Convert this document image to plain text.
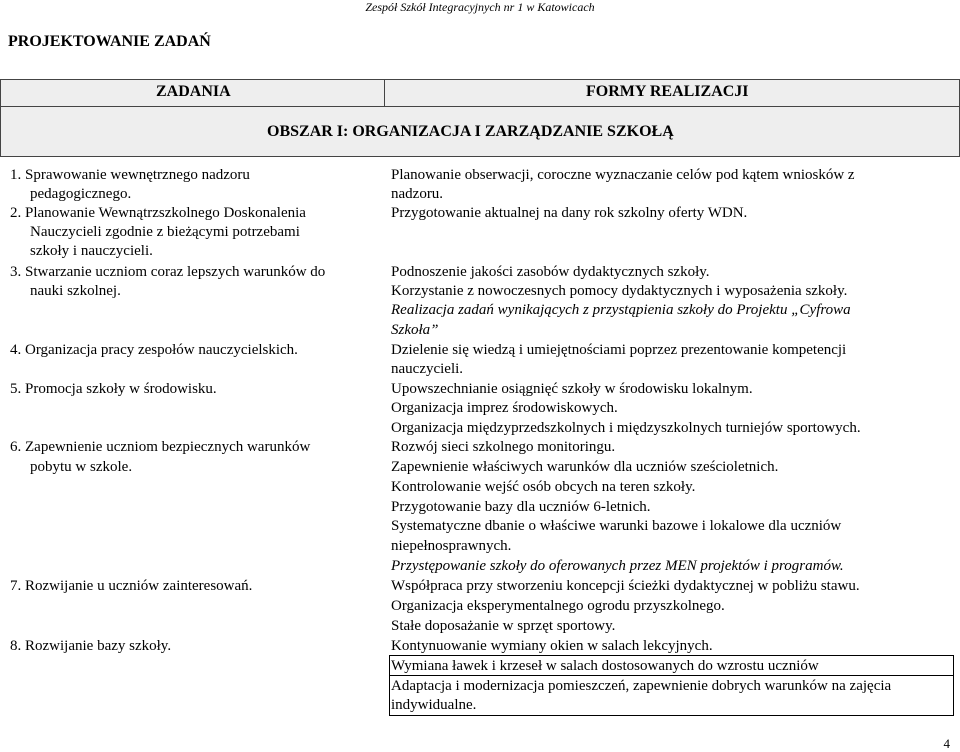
Zespół Szkół Integracyjnych nr 1 w Katowicach
PROJEKTOWANIE ZADAŃ
ZADANIA	FORMY REALIZACJI
OBSZAR I: ORGANIZACJA I ZARZĄDZANIE SZKOŁĄ
1. Sprawowanie wewnętrznego nadzoru
pedagogicznego.
2. Planowanie Wewnątrzszkolnego Doskonalenia
Nauczycieli zgodnie z bieżącymi potrzebami
szkoły i nauczycieli.
3. Stwarzanie uczniom coraz lepszych warunków do
nauki szkolnej.
4. Organizacja pracy zespołów nauczycielskich.
5. Promocja szkoły w środowisku.
6. Zapewnienie uczniom bezpiecznych warunków
pobytu w szkole.
7. Rozwijanie u uczniów zainteresowań.
8. Rozwijanie bazy szkoły.
Planowanie obserwacji, coroczne wyznaczanie celów pod kątem wniosków z
nadzoru.
Przygotowanie aktualnej na dany rok szkolny oferty WDN.
Podnoszenie jakości zasobów dydaktycznych szkoły.
Korzystanie z nowoczesnych pomocy dydaktycznych i wyposażenia szkoły.
Realizacja zadań wynikających z przystąpienia szkoły do Projektu „Cyfrowa
Szkoła”
Dzielenie się wiedzą i umiejętnościami poprzez prezentowanie kompetencji
nauczycieli.
Upowszechnianie osiągnięć szkoły w środowisku lokalnym.
Organizacja imprez środowiskowych.
Organizacja międzyprzedszkolnych i międzyszkolnych turniejów sportowych.
Rozwój sieci szkolnego monitoringu.
Zapewnienie właściwych warunków dla uczniów sześcioletnich.
Kontrolowanie wejść osób obcych na teren szkoły.
Przygotowanie bazy dla uczniów 6-letnich.
Systematyczne dbanie o właściwe warunki bazowe i lokalowe dla uczniów
niepełnosprawnych.
Przystępowanie szkoły do oferowanych przez MEN projektów i programów.
Współpraca przy stworzeniu koncepcji ścieżki dydaktycznej w pobliżu stawu.
Organizacja eksperymentalnego ogrodu przyszkolnego.
Stałe doposażanie w sprzęt sportowy.
Kontynuowanie wymiany okien w salach lekcyjnych.
Wymiana ławek i krzeseł w salach dostosowanych do wzrostu uczniów
Adaptacja i modernizacja pomieszczeń, zapewnienie dobrych warunków na zajęcia
indywidualne.
4
